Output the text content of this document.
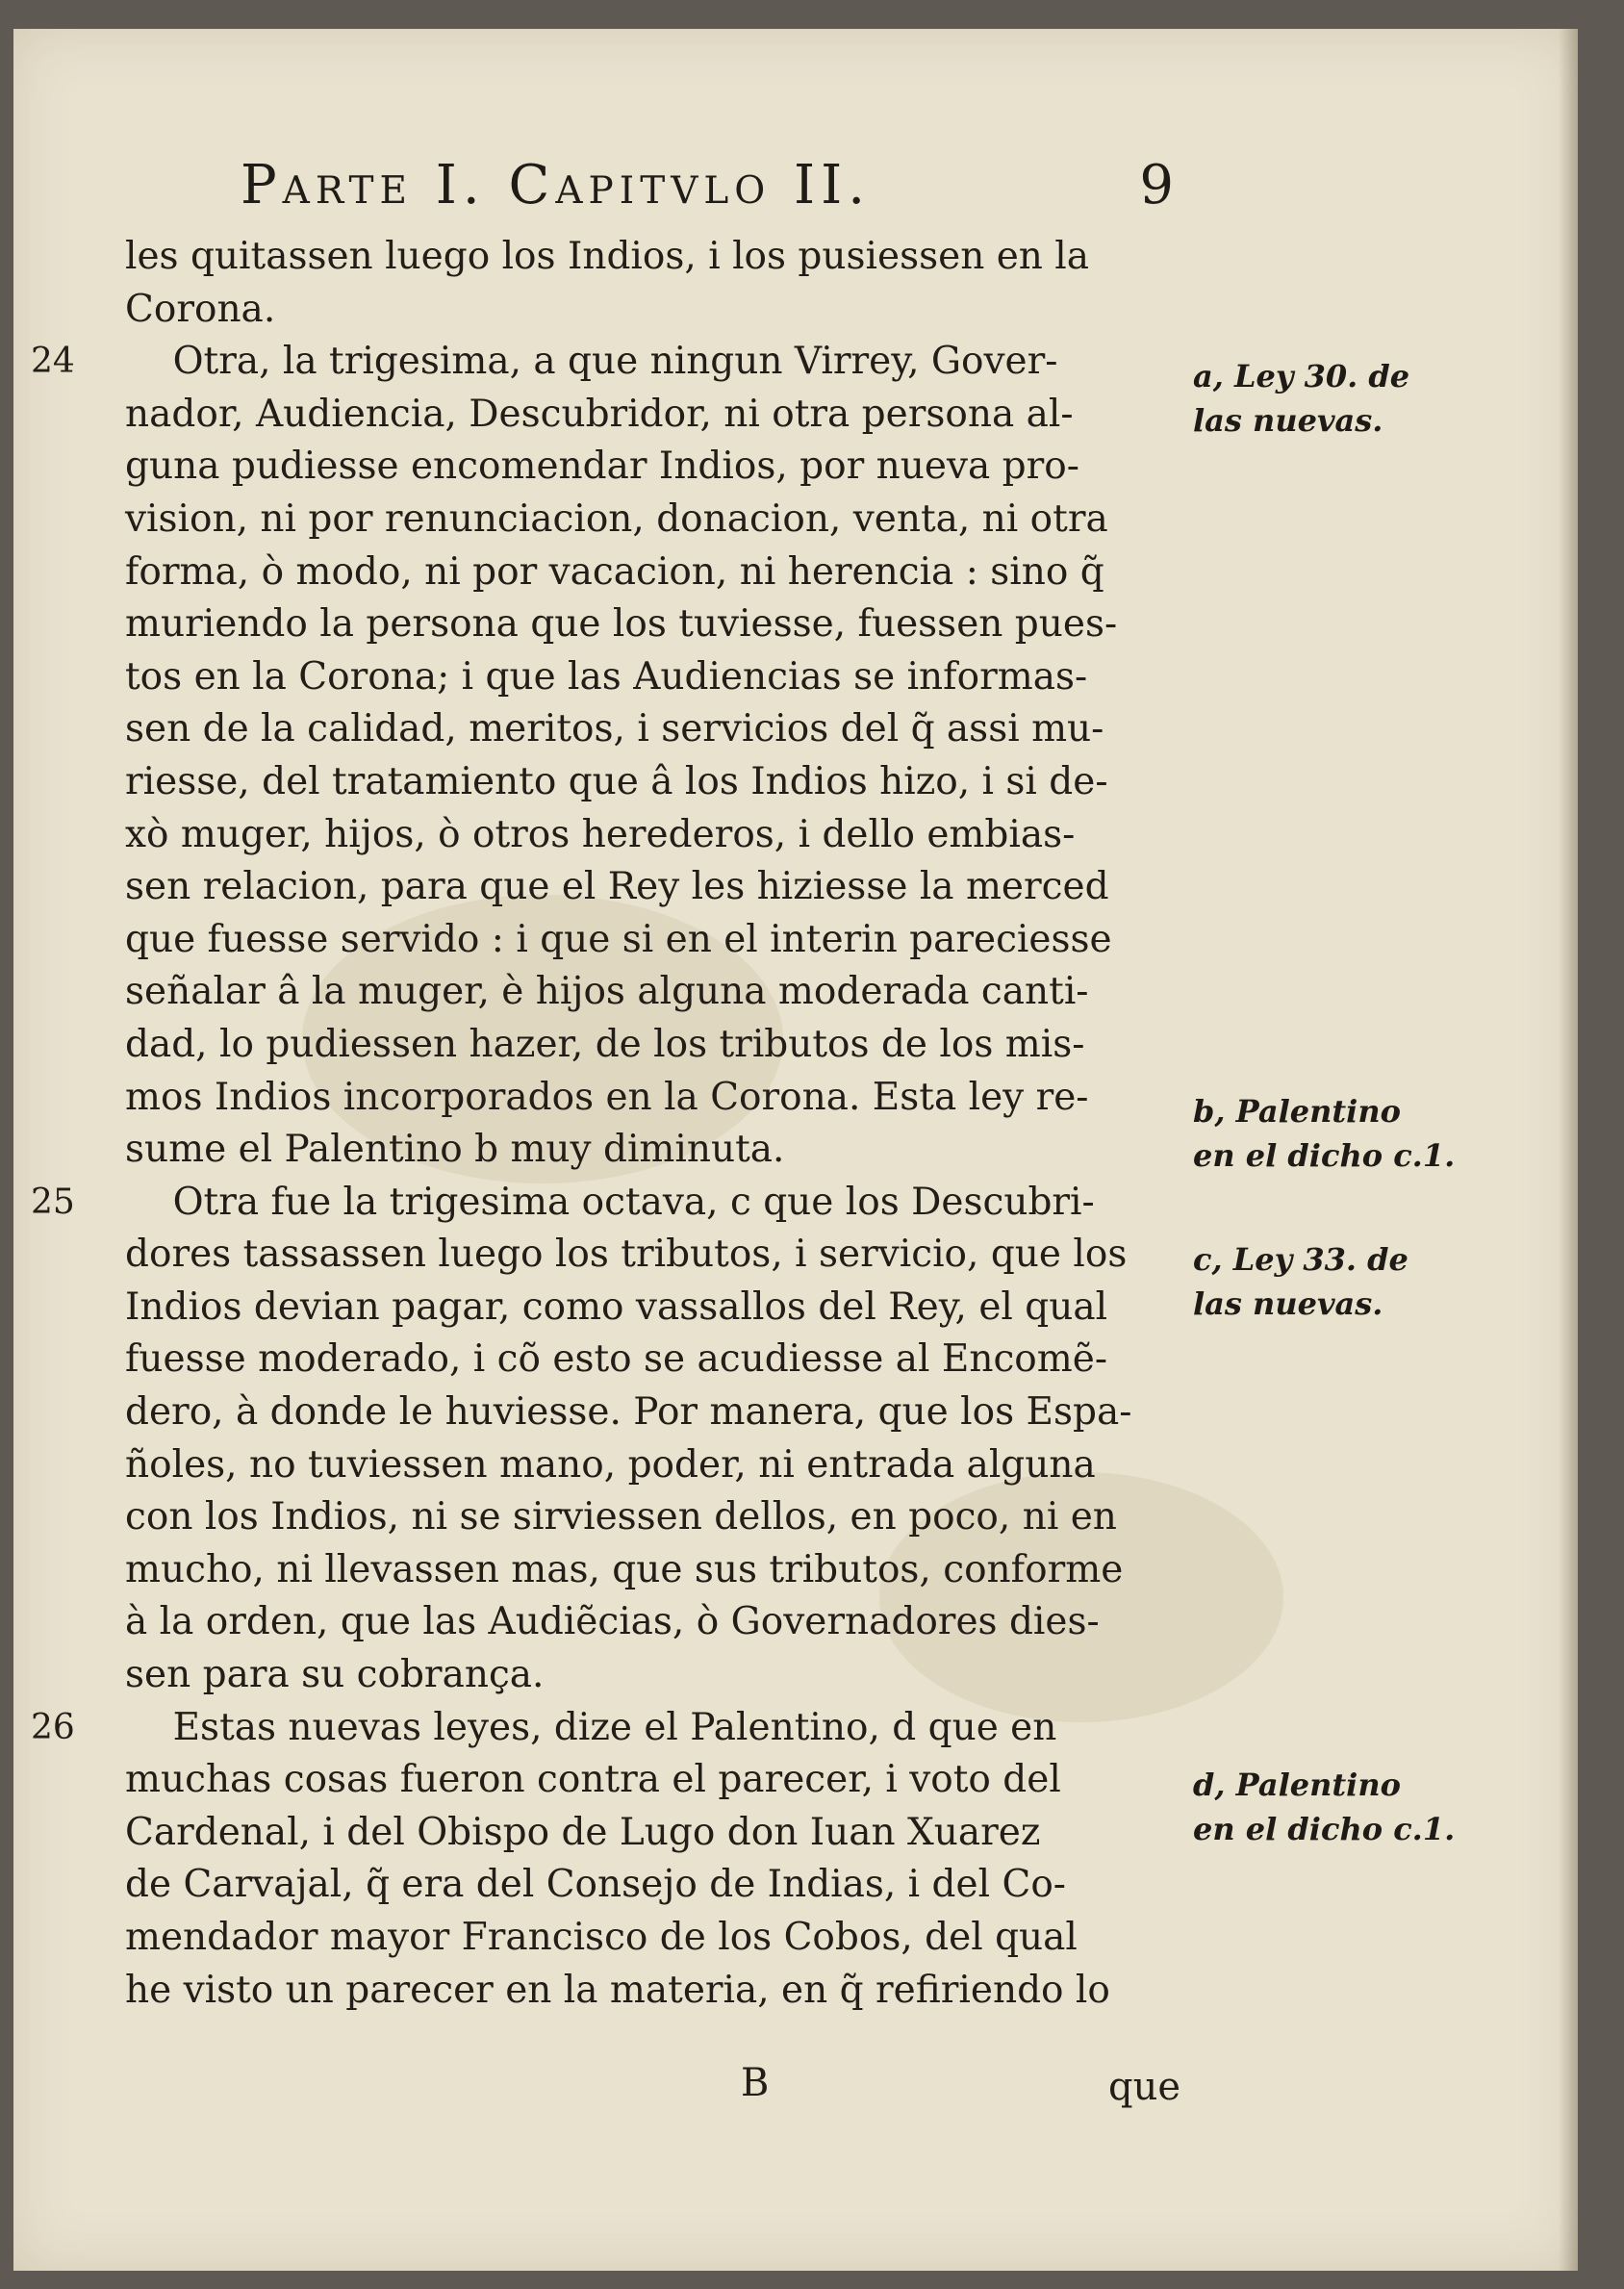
Parte I. Capitvlo II.	9
les quitassen luego los Indios, i los pusiessen en la
Corona.
24 Otra, la trigesima, a que ningun Virrey, Gover-
nador, Audiencia, Descubridor, ni otra persona al-
guna pudiesse encomendar Indios, por nueva pro-
vision, ni por renunciacion, donacion, venta, ni otra
forma, ò modo, ni por vacacion, ni herencia : sino q̃
muriendo la persona que los tuviesse, fuessen pues-
tos en la Corona; i que las Audiencias se informas-
sen de la calidad, meritos, i servicios del q̃ assi mu-
riesse, del tratamiento que â los Indios hizo, i si de-
xò muger, hijos, ò otros herederos, i dello embias-
sen relacion, para que el Rey les hiziesse la merced
que fuesse servido : i que si en el interin pareciesse
señalar â la muger, è hijos alguna moderada canti-
dad, lo pudiessen hazer, de los tributos de los mis-
mos Indios incorporados en la Corona. Esta ley re-
sume el Palentino b muy diminuta.
25 Otra fue la trigesima octava, c que los Descubri-
dores tassassen luego los tributos, i servicio, que los
Indios devian pagar, como vassallos del Rey, el qual
fuesse moderado, i cõ esto se acudiesse al Encomẽ-
dero, à donde le huviesse. Por manera, que los Espa-
ñoles, no tuviessen mano, poder, ni entrada alguna
con los Indios, ni se sirviessen dellos, en poco, ni en
mucho, ni llevassen mas, que sus tributos, conforme
à la orden, que las Audiẽcias, ò Governadores dies-
sen para su cobrança.
26 Estas nuevas leyes, dize el Palentino, d que en
muchas cosas fueron contra el parecer, i voto del
Cardenal, i del Obispo de Lugo don Iuan Xuarez
de Carvajal, q̃ era del Consejo de Indias, i del Co-
mendador mayor Francisco de los Cobos, del qual
he visto un parecer en la materia, en q̃ refiriendo lo
a, Ley 30. de
las nuevas.
b, Palentino
en el dicho c.1.
c, Ley 33. de
las nuevas.
d, Palentino
en el dicho c.1.
B	que
